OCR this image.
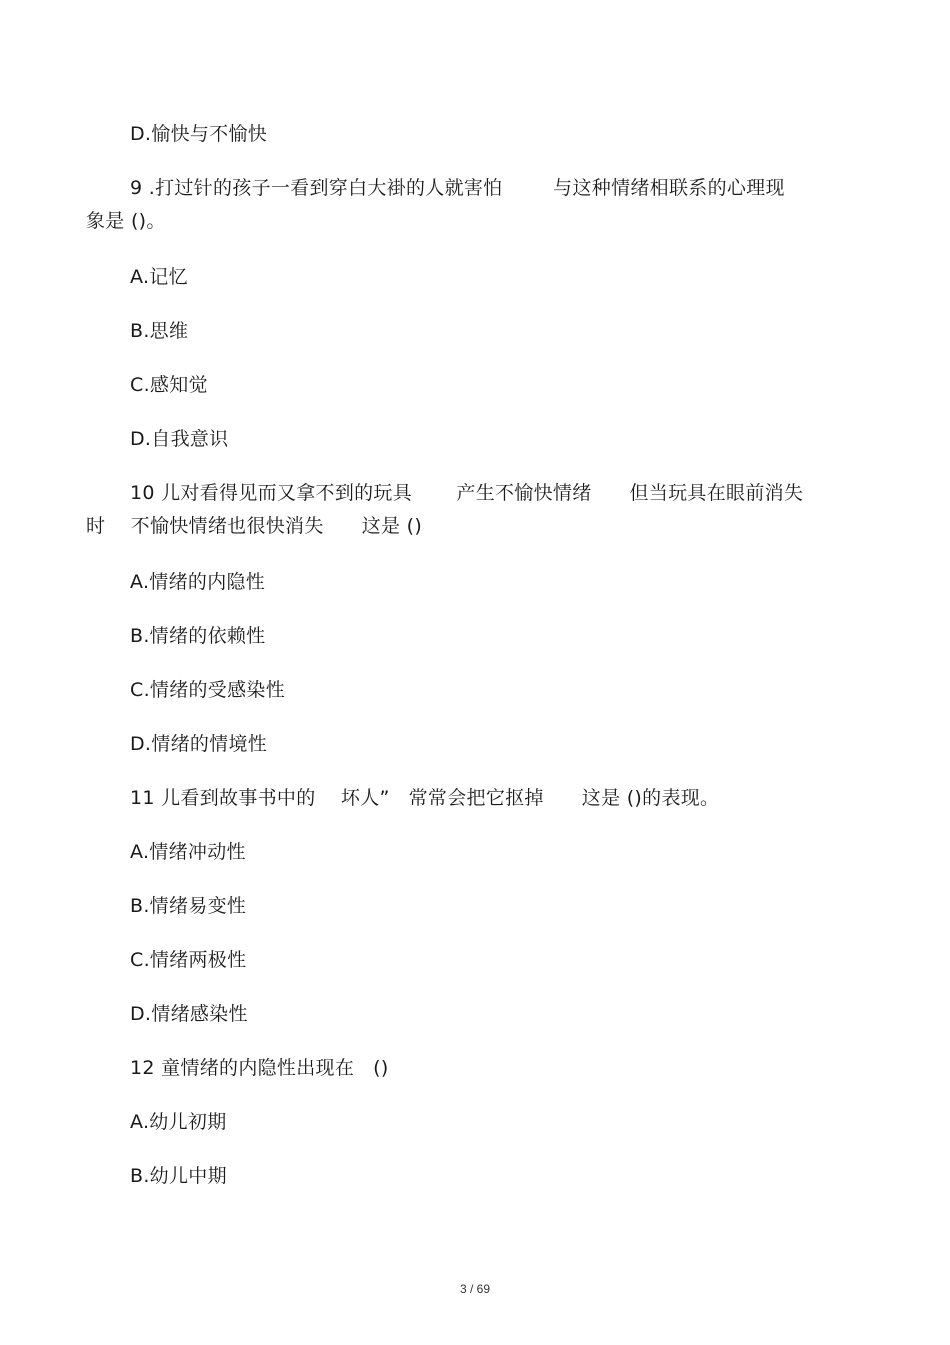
D.愉快与不愉快
9 .打过针的孩子一看到穿白大褂的人就害怕        与这种情绪相联系的心理现
象是 ()。
A.记忆
B.思维
C.感知觉
D.自我意识
10 儿对看得见而又拿不到的玩具       产生不愉快情绪      但当玩具在眼前消失
时    不愉快情绪也很快消失      这是 ()
A.情绪的内隐性
B.情绪的依赖性
C.情绪的受感染性
D.情绪的情境性
11 儿看到故事书中的    坏人”   常常会把它抠掉      这是 ()的表现。
A.情绪冲动性
B.情绪易变性
C.情绪两极性
D.情绪感染性
12 童情绪的内隐性出现在   ()
A.幼儿初期
B.幼儿中期
3 / 69
